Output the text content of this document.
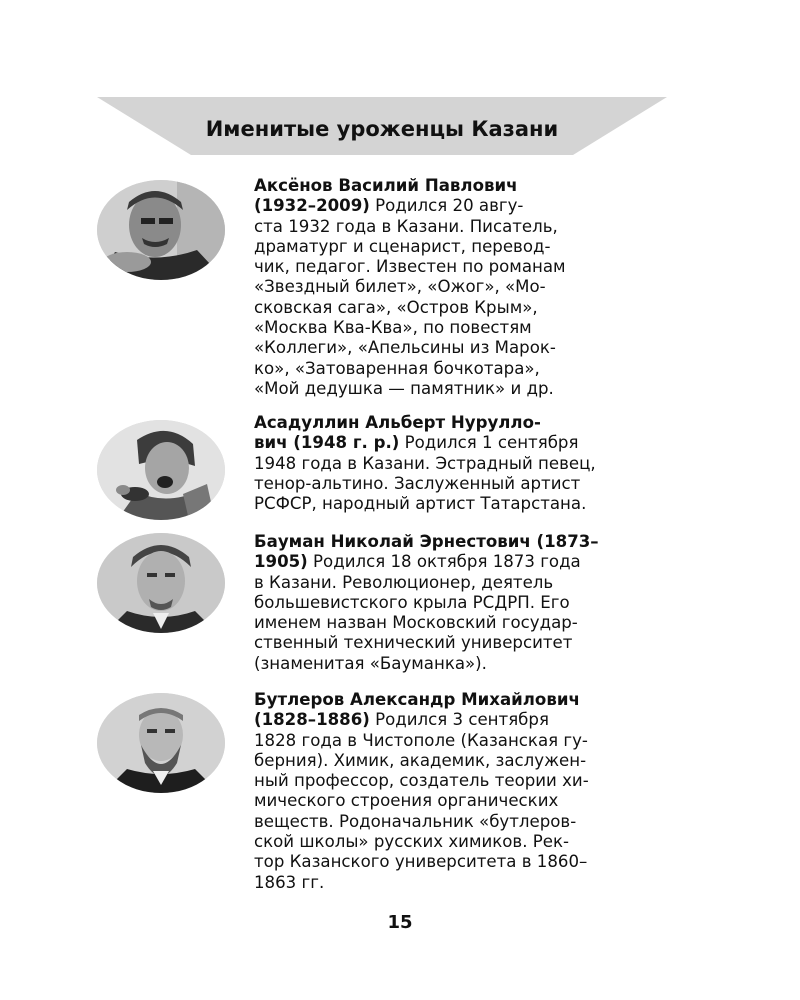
Именитые уроженцы Казани
Аксёнов Василий Павлович
(1932–2009) Родился 20 авгу-
ста 1932 года в Казани. Писатель,
драматург и сценарист, перевод-
чик, педагог. Известен по романам
«Звездный билет», «Ожог», «Мо-
сковская сага», «Остров Крым»,
«Москва Ква-Ква», по повестям
«Коллеги», «Апельсины из Марок-
ко», «Затоваренная бочкотара»,
«Мой дедушка — памятник» и др.
Асадуллин Альберт Нурулло-
вич (1948 г. р.) Родился 1 сентября
1948 года в Казани. Эстрадный певец,
тенор-альтино. Заслуженный артист
РСФСР, народный артист Татарстана.
Бауман Николай Эрнестович (1873–
1905) Родился 18 октября 1873 года
в Казани. Революционер, деятель
большевистского крыла РСДРП. Его
именем назван Московский государ-
ственный технический университет
(знаменитая «Бауманка»).
Бутлеров Александр Михайлович
(1828–1886) Родился 3 сентября
1828 года в Чистополе (Казанская гу-
берния). Химик, академик, заслужен-
ный профессор, создатель теории хи-
мического строения органических
веществ. Родоначальник «бутлеров-
ской школы» русских химиков. Рек-
тор Казанского университета в 1860–
1863 гг.
15
